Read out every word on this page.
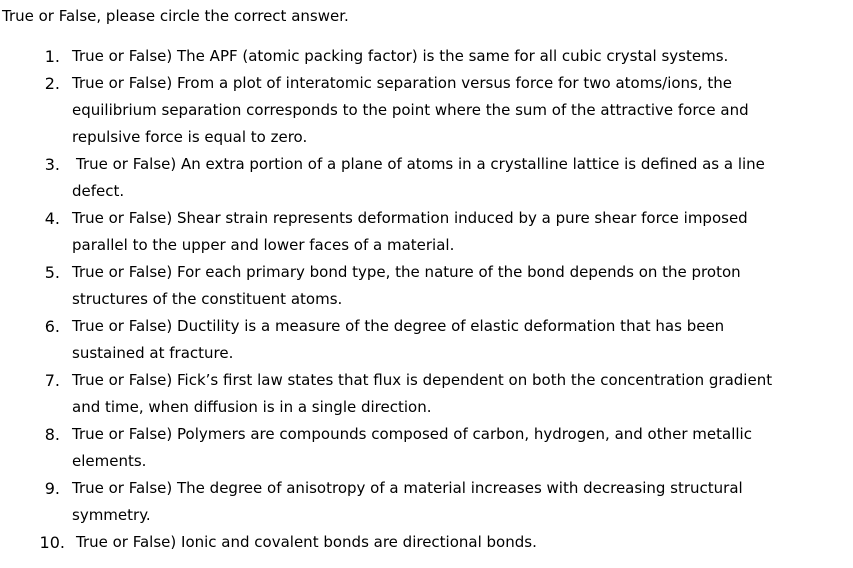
True or False, please circle the correct answer.
1. True or False) The APF (atomic packing factor) is the same for all cubic crystal systems.
2. True or False) From a plot of interatomic separation versus force for two atoms/ions, the
equilibrium separation corresponds to the point where the sum of the attractive force and
repulsive force is equal to zero.
3. True or False) An extra portion of a plane of atoms in a crystalline lattice is defined as a line
defect.
4. True or False) Shear strain represents deformation induced by a pure shear force imposed
parallel to the upper and lower faces of a material.
5. True or False) For each primary bond type, the nature of the bond depends on the proton
structures of the constituent atoms.
6. True or False) Ductility is a measure of the degree of elastic deformation that has been
sustained at fracture.
7. True or False) Fick’s first law states that flux is dependent on both the concentration gradient
and time, when diffusion is in a single direction.
8. True or False) Polymers are compounds composed of carbon, hydrogen, and other metallic
elements.
9. True or False) The degree of anisotropy of a material increases with decreasing structural
symmetry.
10. True or False) Ionic and covalent bonds are directional bonds.
